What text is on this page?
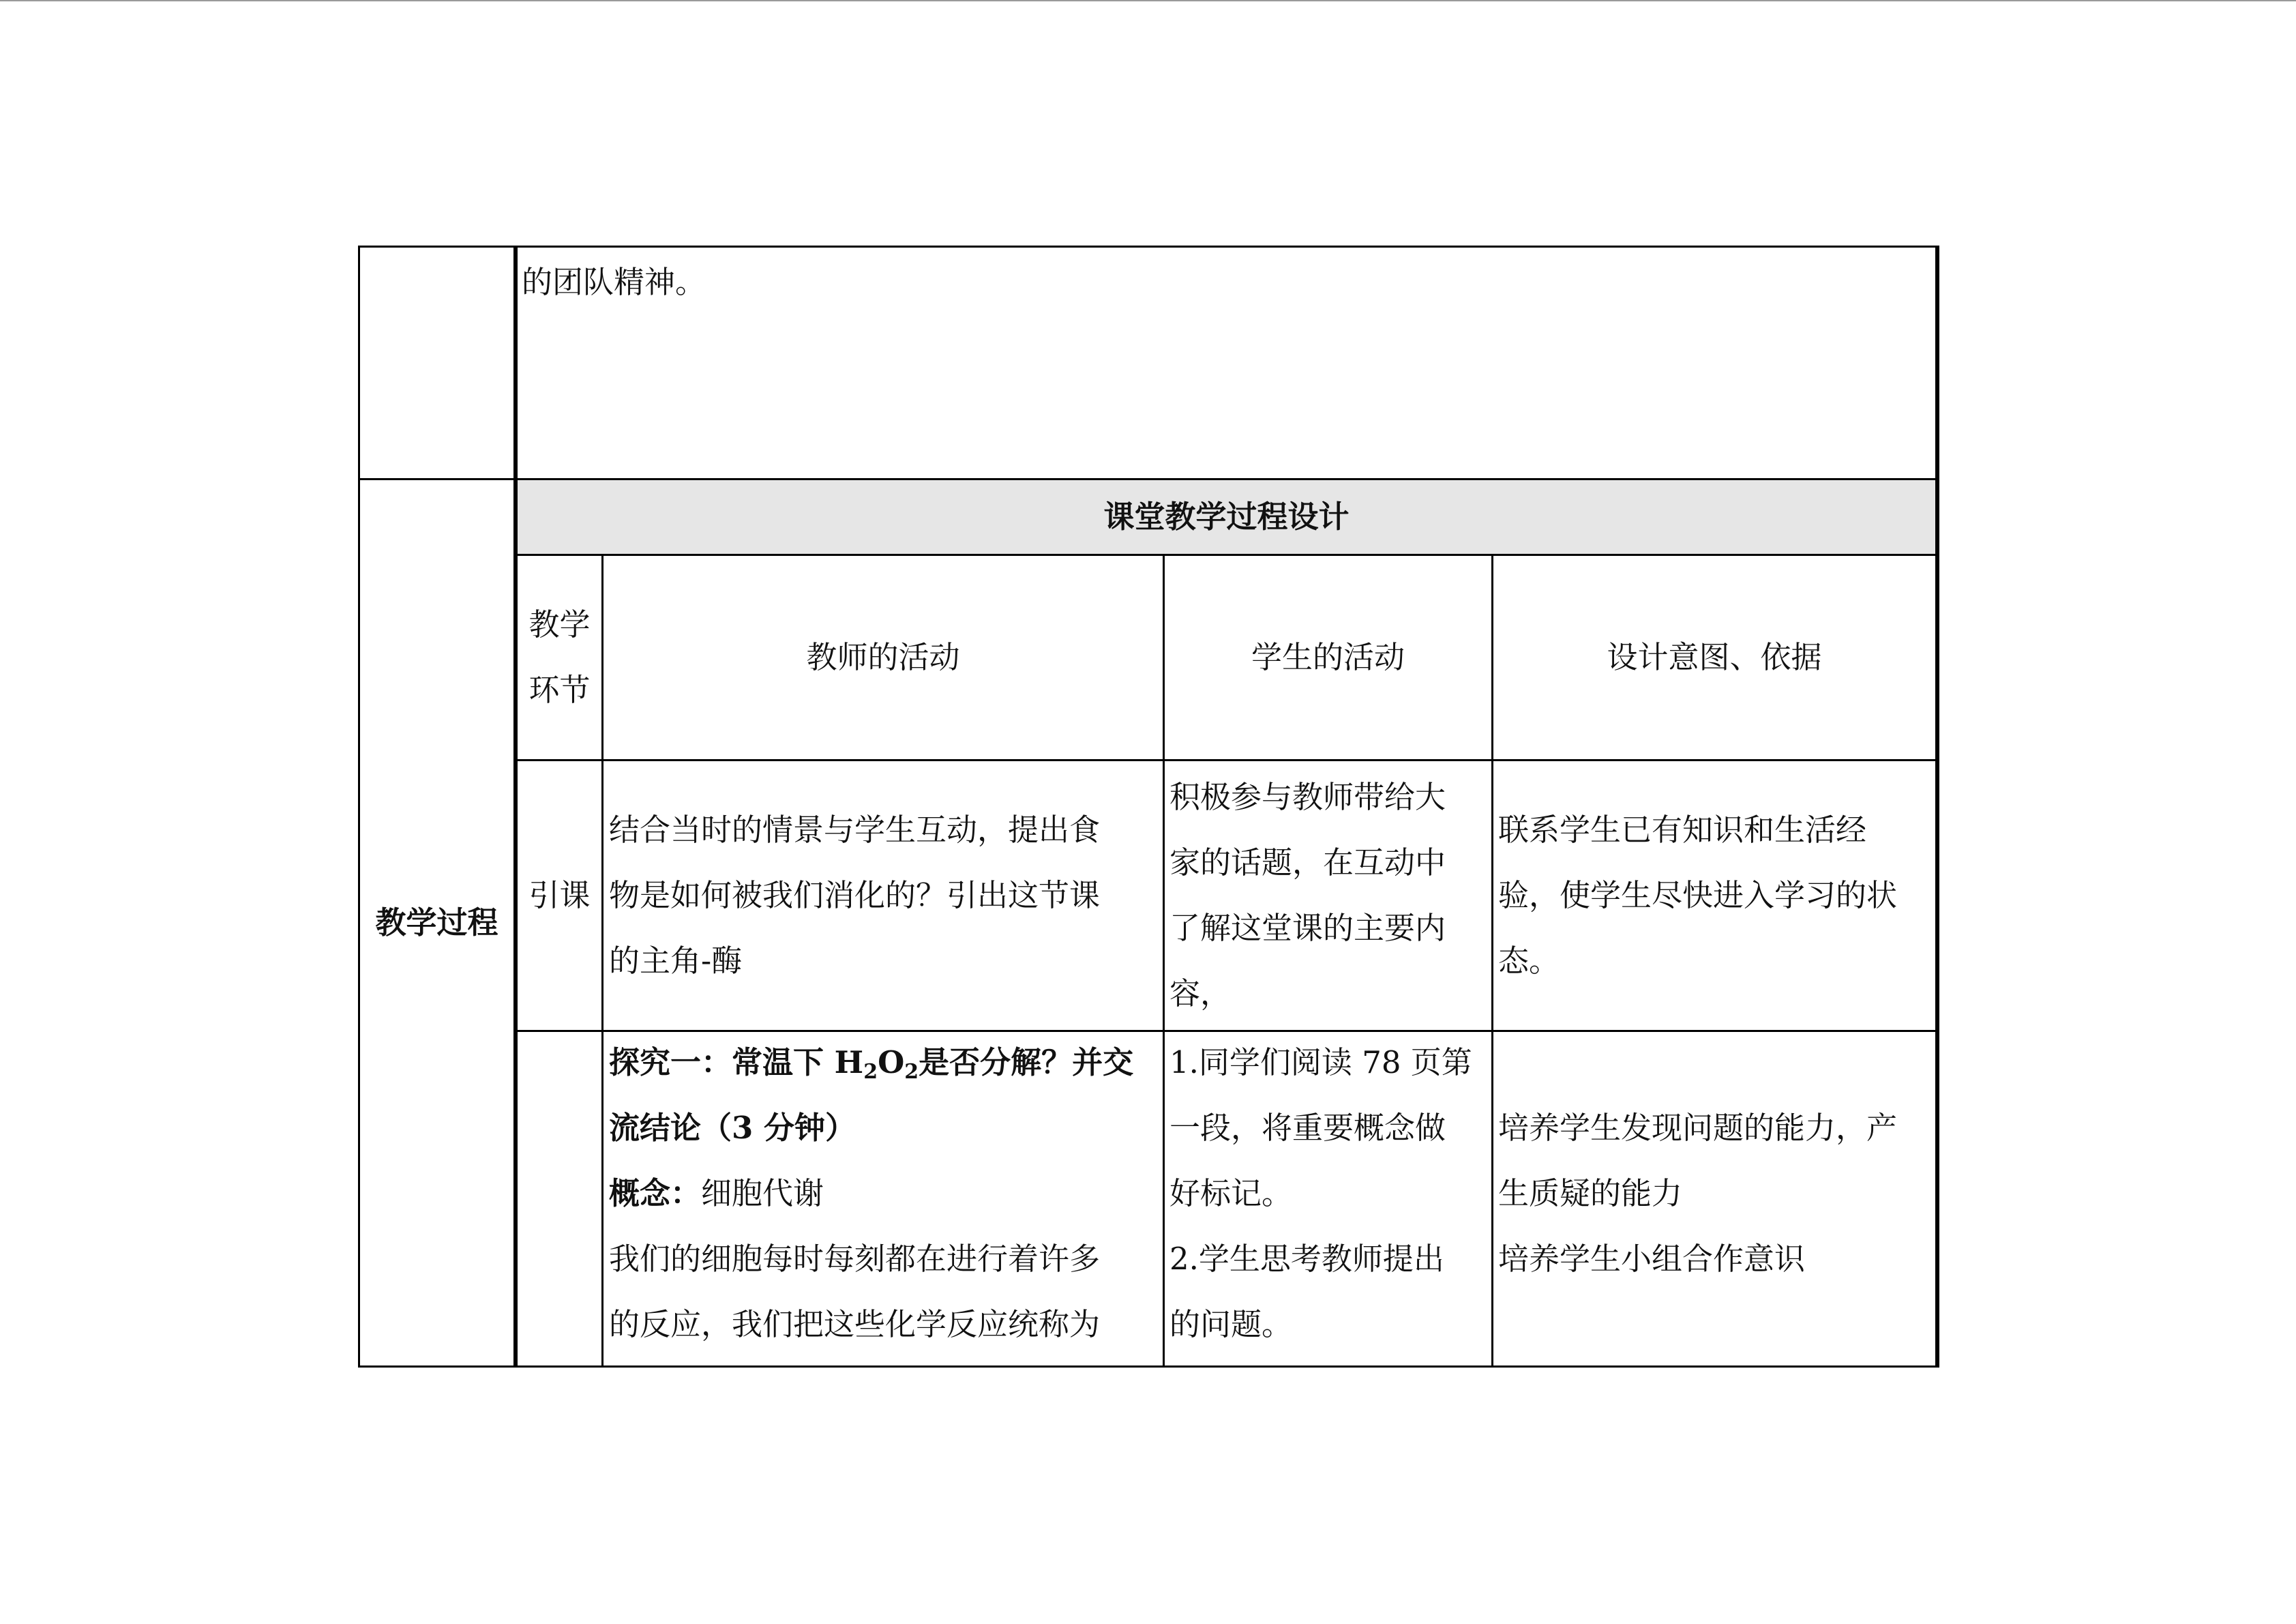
的团队精神。
教学过程
课堂教学过程设计
教学
环节
教师的活动	学生的活动	设计意图、依据
引课
结合当时的情景与学生互动，提出食
物是如何被我们消化的？引出这节课
的主角-酶
积极参与教师带给大
家的话题，在互动中
了解这堂课的主要内
容，
联系学生已有知识和生活经
验，使学生尽快进入学习的状
态。
探究一：常温下 $H_2O_2$是否分解？并交
流结论（3 分钟）
概念：细胞代谢
我们的细胞每时每刻都在进行着许多
的反应，我们把这些化学反应统称为
1.同学们阅读 78 页第
一段，将重要概念做
好标记。
2.学生思考教师提出
的问题。
培养学生发现问题的能力，产
生质疑的能力
培养学生小组合作意识
